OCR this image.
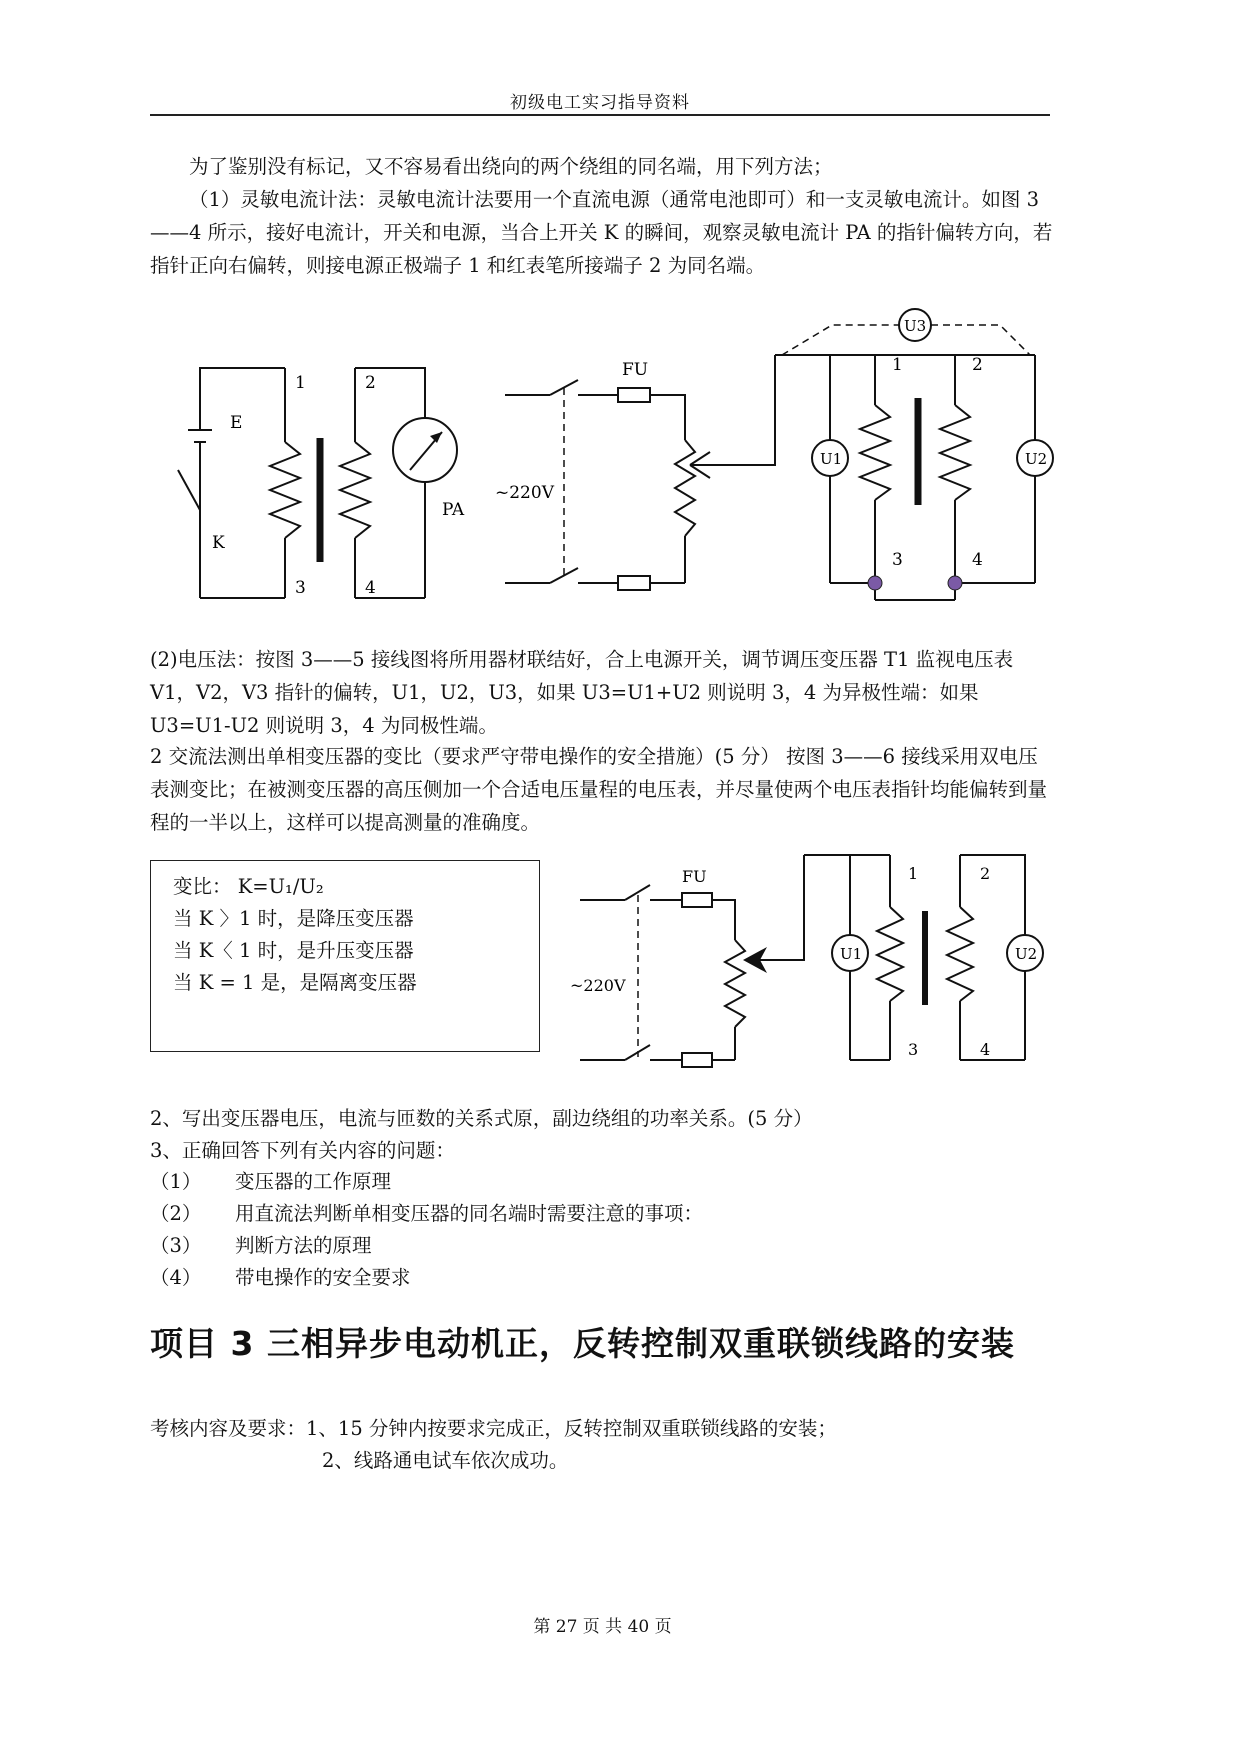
初级电工实习指导资料
为了鉴别没有标记，又不容易看出绕向的两个绕组的同名端，用下列方法；
（1）灵敏电流计法：灵敏电流计法要用一个直流电源（通常电池即可）和一支灵敏电流计。如图 3——4 所示，接好电流计，开关和电源，当合上开关 K 的瞬间，观察灵敏电流计 PA 的指针偏转方向，若指针正向右偏转，则接电源正极端子 1 和红表笔所接端子 2 为同名端。
1	2
3	4
E
K
PA
FU
~220V
U1	U2
U3
1	2
3	4
(2)电压法：按图 3——5 接线图将所用器材联结好，合上电源开关，调节调压变压器 T1 监视电压表 V1，V2，V3 指针的偏转，U1，U2，U3，如果 U3=U1+U2 则说明 3，4 为异极性端：如果 U3=U1-U2 则说明 3，4 为同极性端。
2 交流法测出单相变压器的变比（要求严守带电操作的安全措施）(5 分） 按图 3——6 接线采用双电压表测变比；在被测变压器的高压侧加一个合适电压量程的电压表，并尽量使两个电压表指针均能偏转到量程的一半以上，这样可以提高测量的准确度。
变比： K=U₁/U₂
当 K 〉1 时，是降压变压器
当 K〈 1 时，是升压变压器
当 K = 1 是，是隔离变压器
FU
~220V
U1	U2
1	2
3	4
2、写出变压器电压，电流与匝数的关系式原，副边绕组的功率关系。(5 分）
3、正确回答下列有关内容的问题：
（1） 变压器的工作原理
（2） 用直流法判断单相变压器的同名端时需要注意的事项：
（3） 判断方法的原理
（4） 带电操作的安全要求
项目 3 三相异步电动机正，反转控制双重联锁线路的安装
考核内容及要求：1、15 分钟内按要求完成正，反转控制双重联锁线路的安装；
2、线路通电试车依次成功。
第 27 页 共 40 页
